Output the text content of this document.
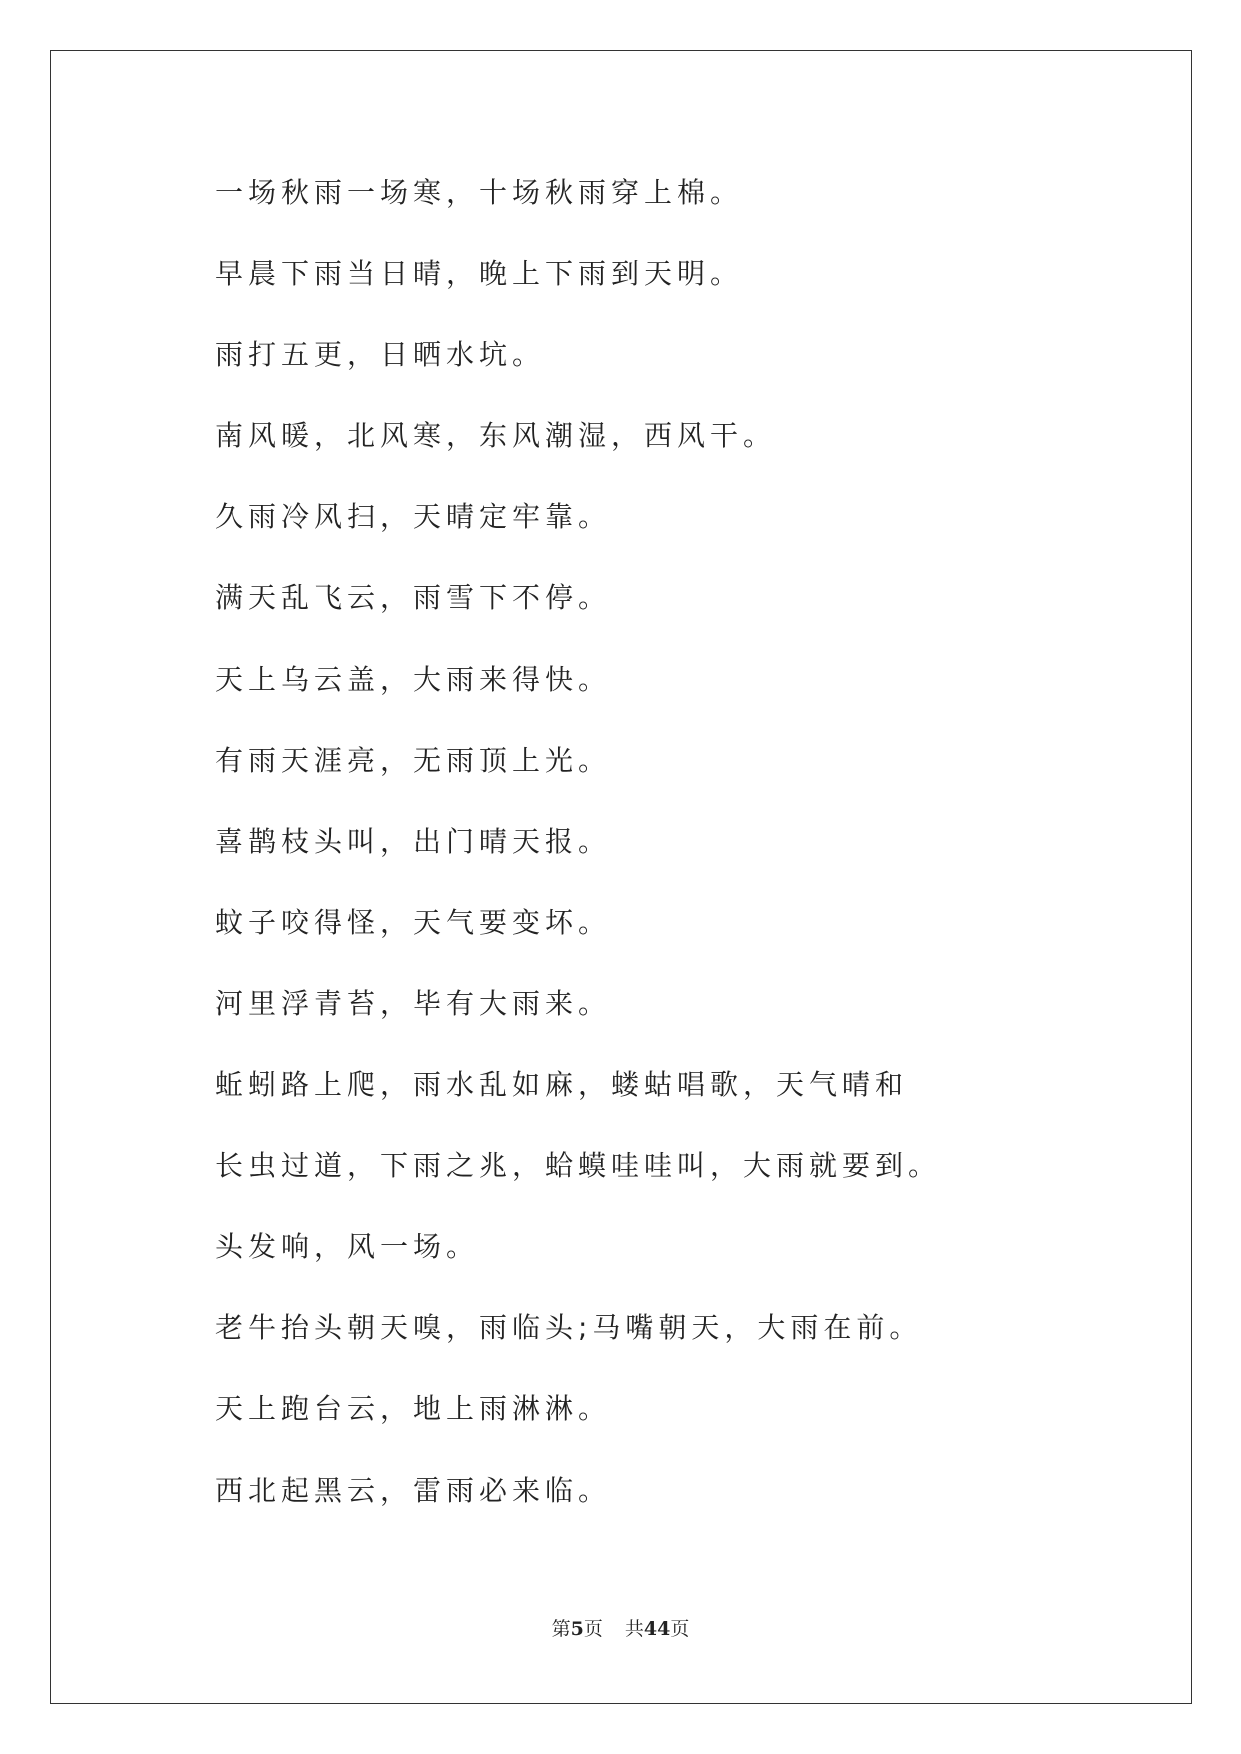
一场秋雨一场寒，十场秋雨穿上棉。
早晨下雨当日晴，晚上下雨到天明。
雨打五更，日晒水坑。
南风暖，北风寒，东风潮湿，西风干。
久雨冷风扫，天晴定牢靠。
满天乱飞云，雨雪下不停。
天上乌云盖，大雨来得快。
有雨天涯亮，无雨顶上光。
喜鹊枝头叫，出门晴天报。
蚊子咬得怪，天气要变坏。
河里浮青苔，毕有大雨来。
蚯蚓路上爬，雨水乱如麻，蝼蛄唱歌，天气晴和
长虫过道，下雨之兆，蛤蟆哇哇叫，大雨就要到。
头发响，风一场。
老牛抬头朝天嗅，雨临头;马嘴朝天，大雨在前。
天上跑台云，地上雨淋淋。
西北起黑云，雷雨必来临。
第5页 共44页
